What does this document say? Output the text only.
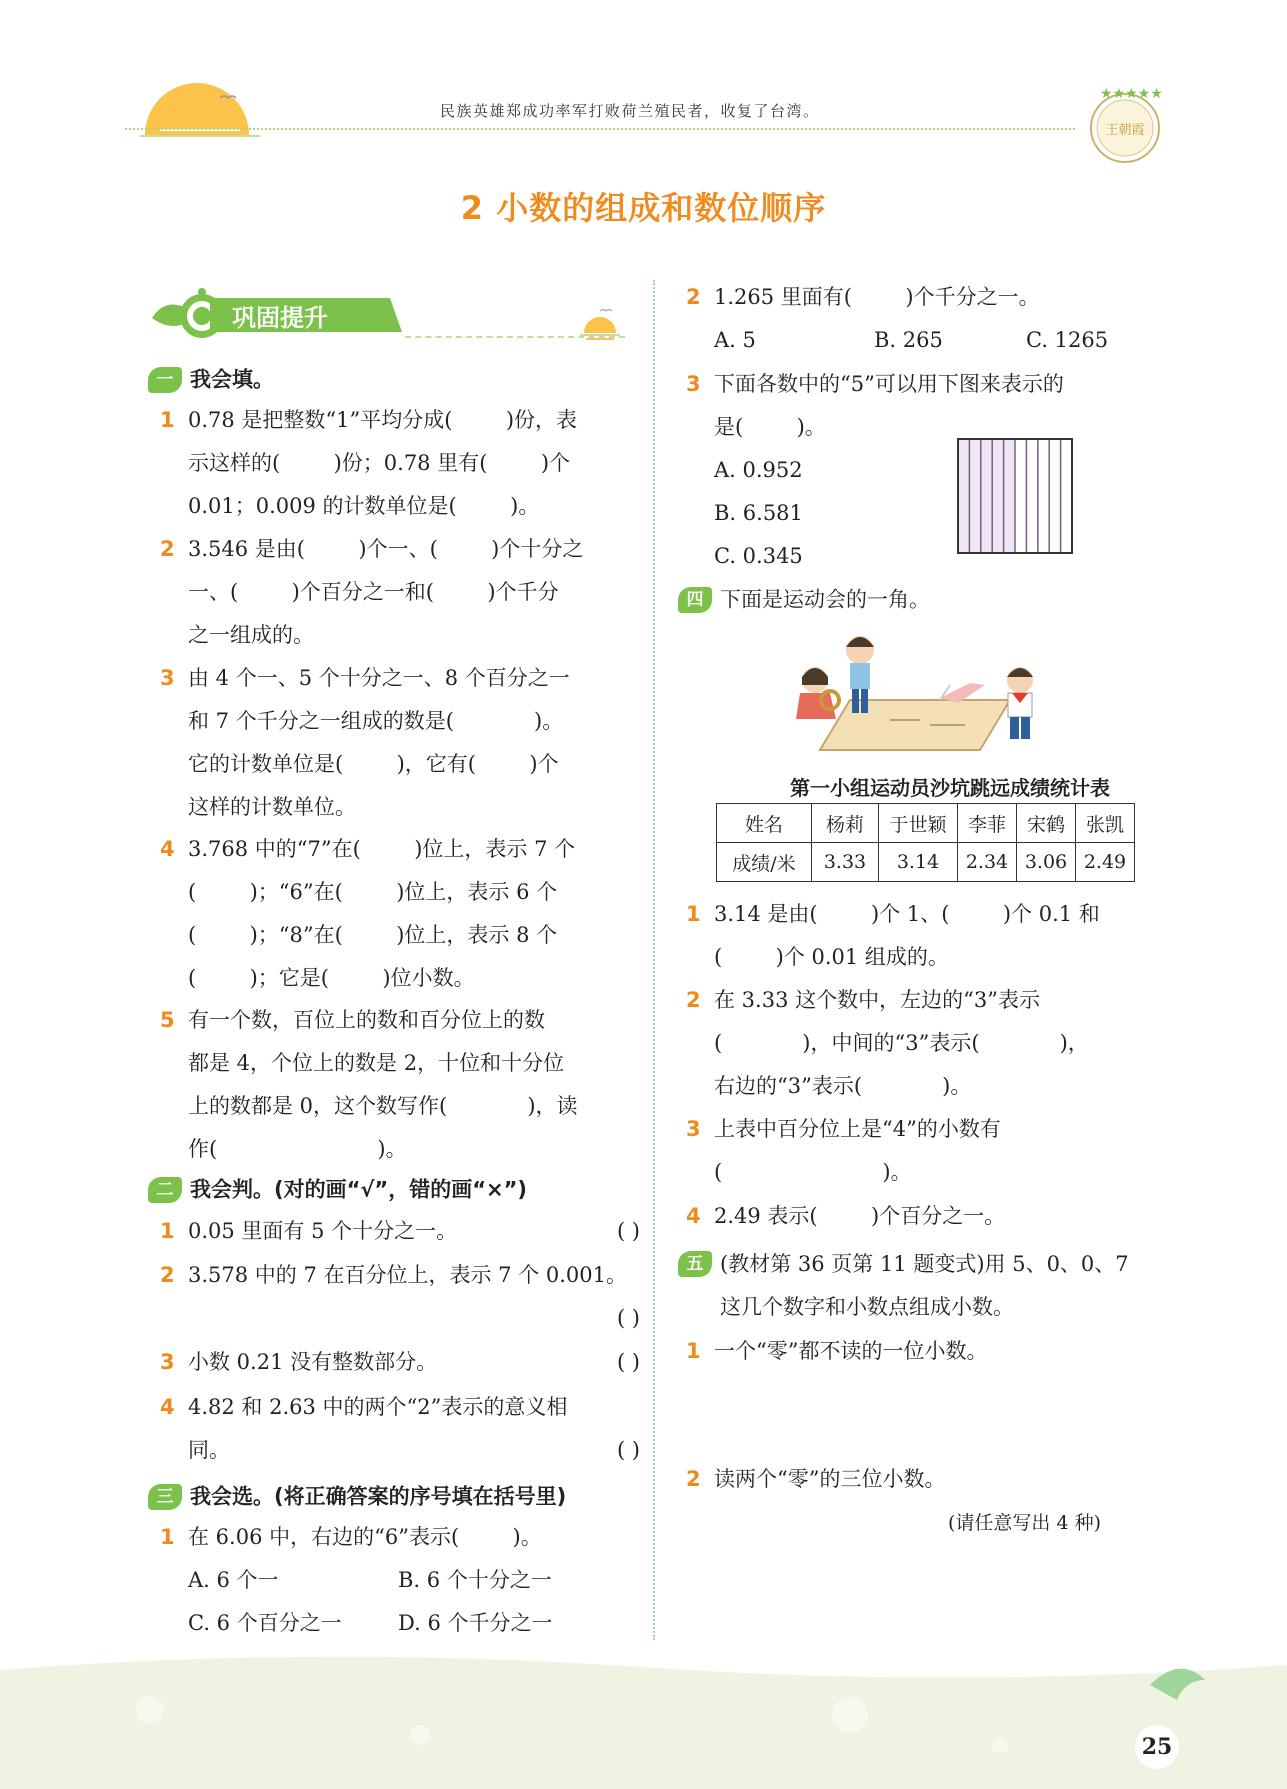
民族英雄郑成功率军打败荷兰殖民者，收复了台湾。
★★★★★
王朝霞
2 小数的组成和数位顺序
巩固提升
一 我会填。
1 0.78 是把整数“1”平均分成(        )份，表
示这样的(        )份；0.78 里有(        )个
0.01；0.009 的计数单位是(        )。
2 3.546 是由(        )个一、(        )个十分之
一、(        )个百分之一和(        )个千分
之一组成的。
3 由 4 个一、5 个十分之一、8 个百分之一
和 7 个千分之一组成的数是(            )。
它的计数单位是(        )，它有(        )个
这样的计数单位。
4 3.768 中的“7”在(        )位上，表示 7 个
(        )；“6”在(        )位上，表示 6 个
(        )；“8”在(        )位上，表示 8 个
(        )；它是(        )位小数。
5 有一个数，百位上的数和百分位上的数
都是 4，个位上的数是 2，十位和十分位
上的数都是 0，这个数写作(            )，读
作(                        )。
二 我会判。(对的画“√”，错的画“×”)
1 0.05 里面有 5 个十分之一。	( )
2 3.578 中的 7 在百分位上，表示 7 个 0.001。
( )
3 小数 0.21 没有整数部分。	( )
4 4.82 和 2.63 中的两个“2”表示的意义相
同。	( )
三 我会选。(将正确答案的序号填在括号里)
1 在 6.06 中，右边的“6”表示(        )。
A. 6 个一	B. 6 个十分之一
C. 6 个百分之一	D. 6 个千分之一
2 1.265 里面有(        )个千分之一。
A. 5	B. 265	C. 1265
3 下面各数中的“5”可以用下图来表示的
是(        )。
A. 0.952
B. 6.581
C. 0.345
四 下面是运动会的一角。
第一小组运动员沙坑跳远成绩统计表
姓名	杨莉	于世颖	李菲	宋鹤	张凯
成绩/米	3.33	3.14	2.34	3.06	2.49
1 3.14 是由(        )个 1、(        )个 0.1 和
(        )个 0.01 组成的。
2 在 3.33 这个数中，左边的“3”表示
(            )，中间的“3”表示(            )，
右边的“3”表示(            )。
3 上表中百分位上是“4”的小数有
(                        )。
4 2.49 表示(        )个百分之一。
五 (教材第 36 页第 11 题变式)用 5、0、0、7
这几个数字和小数点组成小数。
1 一个“零”都不读的一位小数。
2 读两个“零”的三位小数。
(请任意写出 4 种)
25
